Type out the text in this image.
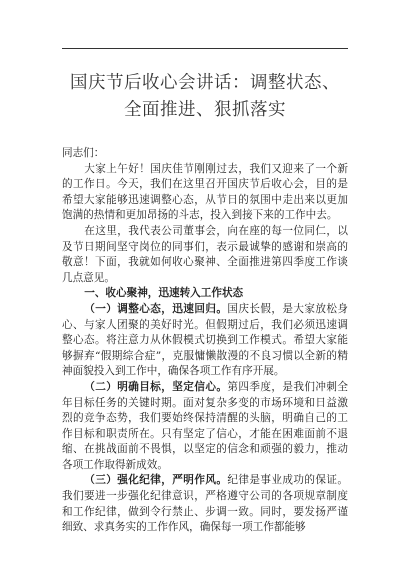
国庆节后收心会讲话：调整状态、全面推进、狠抓落实

同志们：

大家上午好！国庆佳节刚刚过去，我们又迎来了一个新的工作日。今天，我们在这里召开国庆节后收心会，目的是希望大家能够迅速调整心态，从节日的氛围中走出来以更加饱满的热情和更加昂扬的斗志，投入到接下来的工作中去。

在这里，我代表公司董事会，向在座的每一位同仁，以及节日期间坚守岗位的同事们，表示最诚挚的感谢和崇高的敬意！下面，我就如何收心聚神、全面推进第四季度工作谈几点意见。

一、收心聚神，迅速转入工作状态

（一）调整心态，迅速回归。国庆长假，是大家放松身心、与家人团聚的美好时光。但假期过后，我们必须迅速调整心态。将注意力从休假模式切换到工作模式。希望大家能够摒弃“假期综合症”，克服慵懒散漫的不良习惯以全新的精神面貌投入到工作中，确保各项工作有序开展。

（二）明确目标，坚定信心。第四季度，是我们冲刺全年目标任务的关键时期。面对复杂多变的市场环境和日益激烈的竞争态势，我们要始终保持清醒的头脑，明确自己的工作目标和职责所在。只有坚定了信心，才能在困难面前不退缩、在挑战面前不畏惧，以坚定的信念和顽强的毅力，推动各项工作取得新成效。

（三）强化纪律，严明作风。纪律是事业成功的保证。我们要进一步强化纪律意识，严格遵守公司的各项规章制度和工作纪律，做到令行禁止、步调一致。同时，要发扬严谨细致、求真务实的工作作风，确保每一项工作都能够
